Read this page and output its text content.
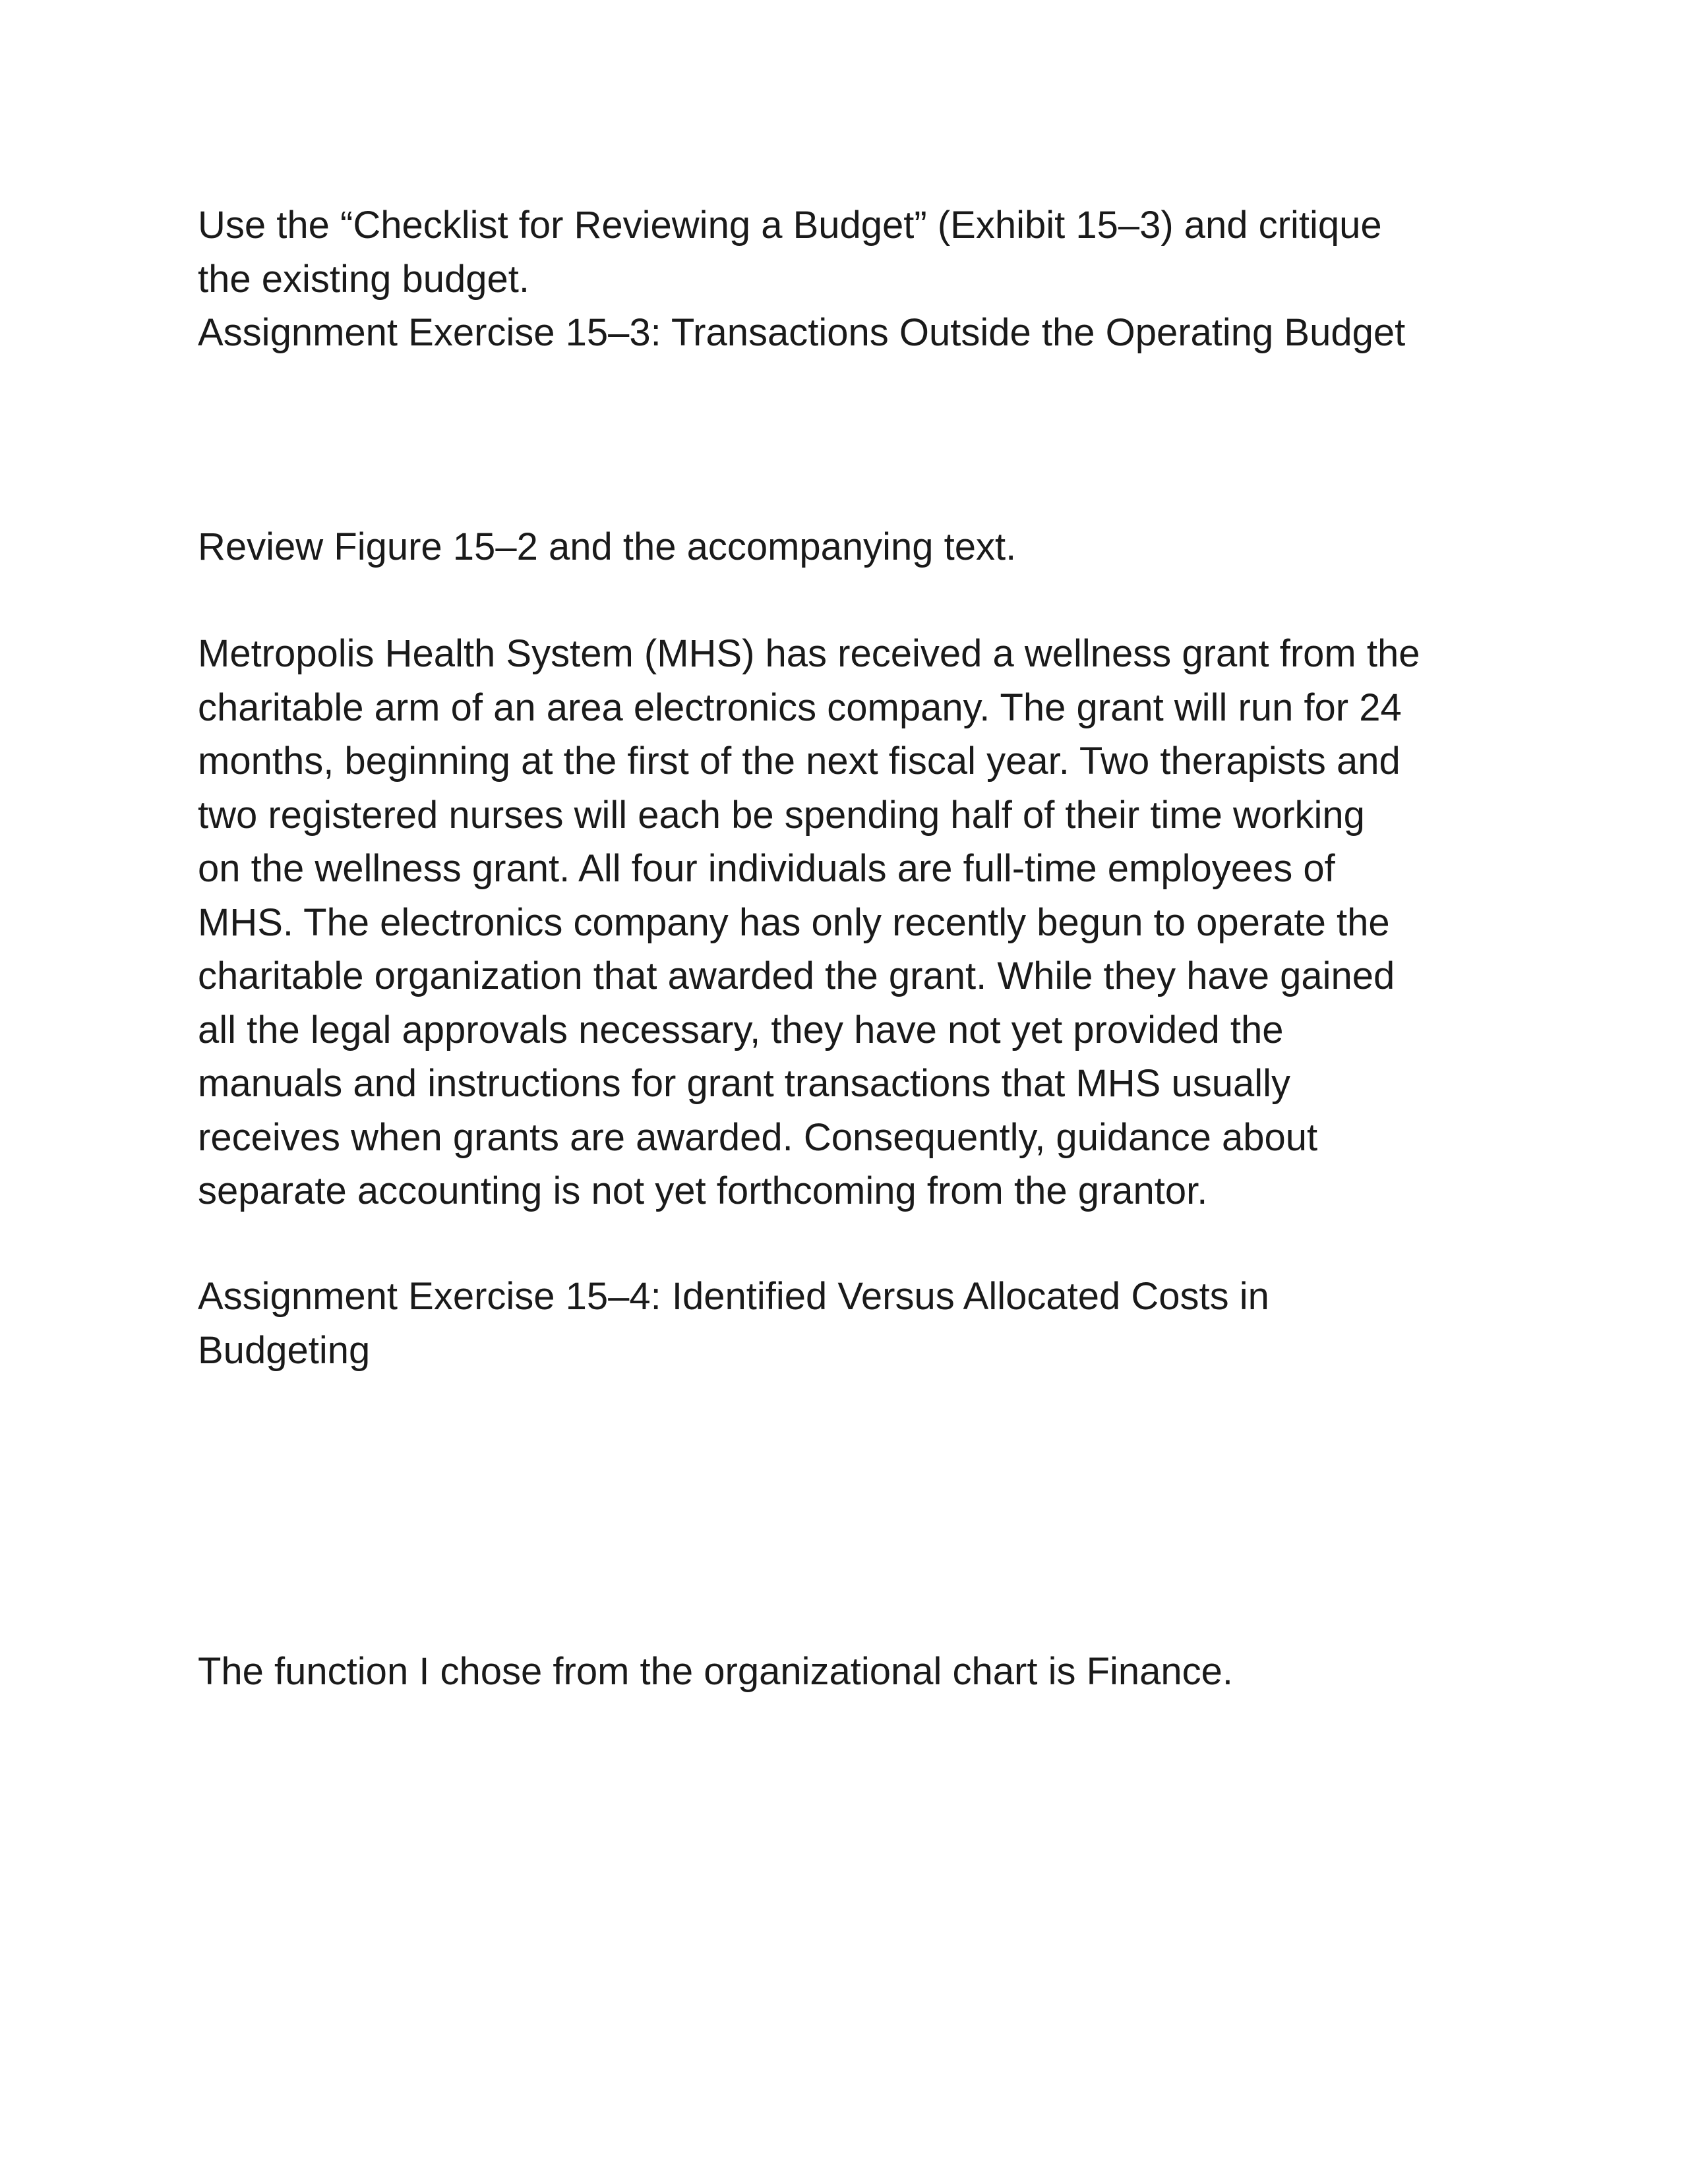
Use the “Checklist for Reviewing a Budget” (Exhibit 15–3) and critique
the existing budget.
Assignment Exercise 15–3: Transactions Outside the Operating Budget

Review Figure 15–2 and the accompanying text.

Metropolis Health System (MHS) has received a wellness grant from the
charitable arm of an area electronics company. The grant will run for 24
months, beginning at the first of the next fiscal year. Two therapists and
two registered nurses will each be spending half of their time working
on the wellness grant. All four individuals are full-time employees of
MHS. The electronics company has only recently begun to operate the
charitable organization that awarded the grant. While they have gained
all the legal approvals necessary, they have not yet provided the
manuals and instructions for grant transactions that MHS usually
receives when grants are awarded. Consequently, guidance about
separate accounting is not yet forthcoming from the grantor.

Assignment Exercise 15–4: Identified Versus Allocated Costs in
Budgeting

The function I chose from the organizational chart is Finance.
